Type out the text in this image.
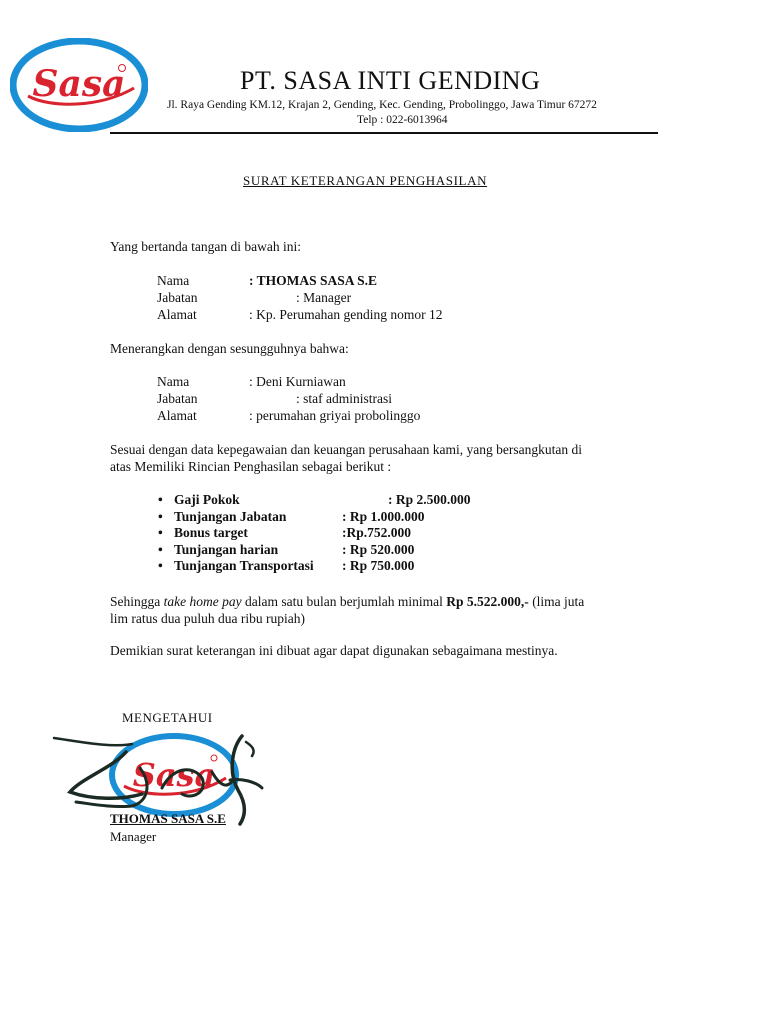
Sasa	PT. SASA INTI GENDING
Jl. Raya Gending KM.12, Krajan 2, Gending, Kec. Gending, Probolinggo, Jawa Timur 67272
Telp : 022-6013964
SURAT KETERANGAN PENGHASILAN
Yang bertanda tangan di bawah ini:
Nama	: THOMAS SASA S.E
Jabatan	: Manager
Alamat	: Kp. Perumahan gending nomor 12
Menerangkan dengan sesungguhnya bahwa:
Nama	: Deni Kurniawan
Jabatan	: staf administrasi
Alamat	: perumahan griyai probolinggo
Sesuai dengan data kepegawaian dan keuangan perusahaan kami, yang bersangkutan di
atas Memiliki Rincian Penghasilan sebagai berikut :
• Gaji Pokok	: Rp 2.500.000
• Tunjangan Jabatan	: Rp 1.000.000
• Bonus target	:Rp.752.000
• Tunjangan harian	: Rp 520.000
• Tunjangan Transportasi : Rp 750.000
Sehingga take home pay dalam satu bulan berjumlah minimal Rp 5.522.000,- (lima juta
lim ratus dua puluh dua ribu rupiah)
Demikian surat keterangan ini dibuat agar dapat digunakan sebagaimana mestinya.
MENGETAHUI
Sasa
THOMAS SASA S.E
Manager
